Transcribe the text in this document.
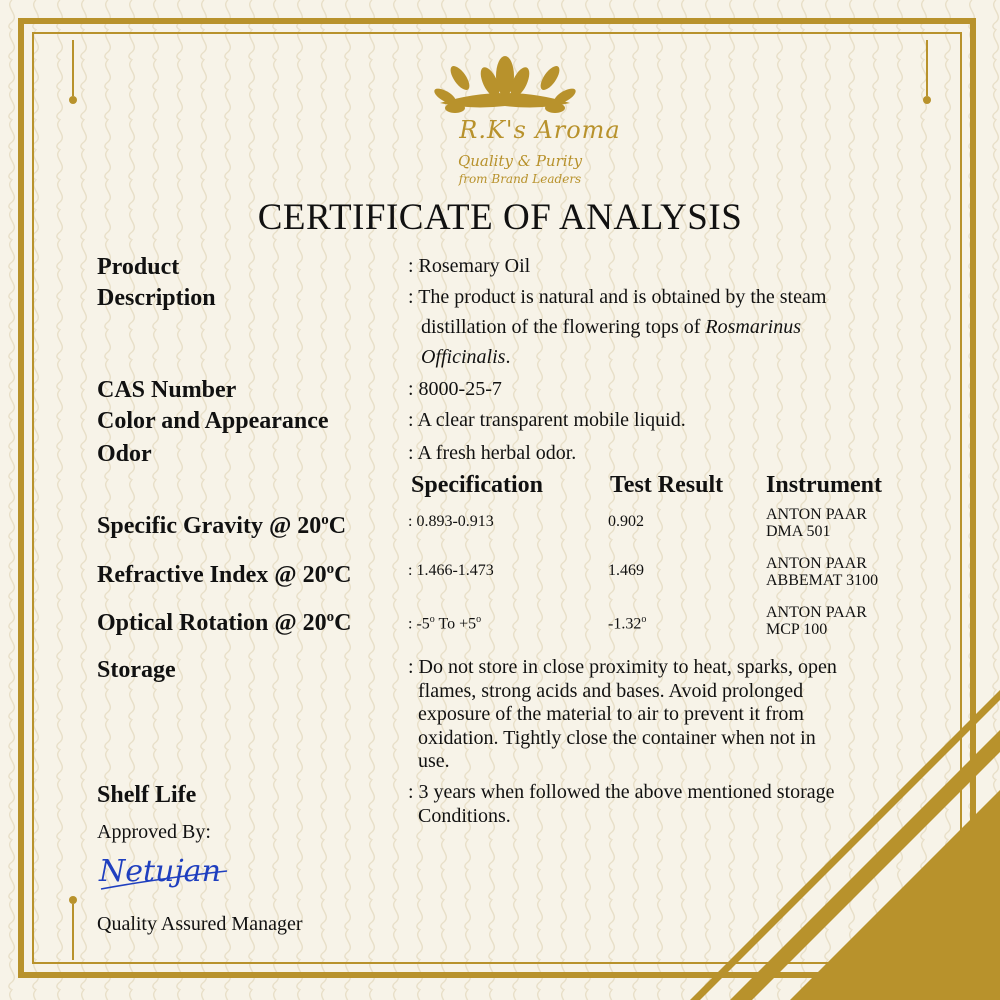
R.K's Aroma
Quality & Purity
from Brand Leaders
CERTIFICATE OF ANALYSIS
Product	: Rosemary Oil
Description	: The product is natural and is obtained by the steam
distillation of the flowering tops of Rosmarinus
Officinalis.
CAS Number	: 8000-25-7
Color and Appearance	: A clear transparent mobile liquid.
Odor	: A fresh herbal odor.
Specification	Test Result Instrument
Specific Gravity @ 20$^o$C	: 0.893-0.913	0.902	ANTON PAAR
DMA 501
Refractive Index @ 20$^o$C	: 1.466-1.473	1.469	ANTON PAAR
ABBEMAT 3100
Optical Rotation @ 20$^o$C	: -5$^o$ $To +5^o$	-1.32$^o$	ANTON PAAR
MCP 100
Storage	: Do not store in close proximity to heat, sparks, open
flames, strong acids and bases. Avoid prolonged
exposure of the material to air to prevent it from
oxidation. Tightly close the container when not in
use.
Shelf Life	: 3 years when followed the above mentioned storage
Conditions.
Approved By:
Netujan
Quality Assured Manager
